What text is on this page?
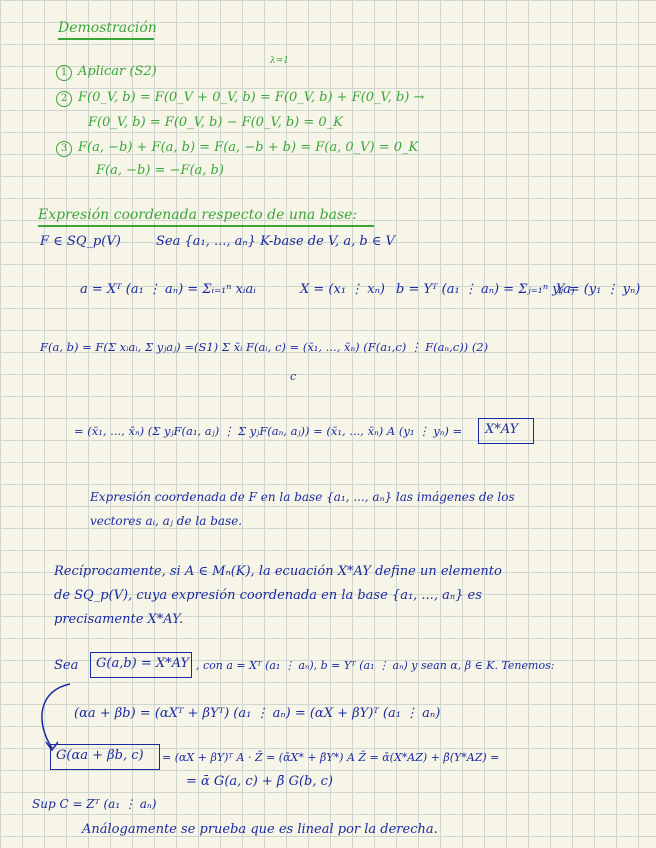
Demostración
1 Aplicar (S2)
λ=1
2 F(0_V, b) = F(0_V + 0_V, b) = F(0_V, b) + F(0_V, b) →
F(0_V, b) = F(0_V, b) − F(0_V, b) = 0_K
3 F(a, −b) + F(a, b) = F(a, −b + b) = F(a, 0_V) = 0_K
F(a, −b) = −F(a, b)
Expresión coordenada respecto de una base:
F ∈ SQ_p(V)	Sea {a₁, ..., aₙ} K-base de V, a, b ∈ V
a = Xᵀ (a₁ ⋮ aₙ) = Σᵢ₌₁ⁿ xᵢaᵢ	X = (x₁ ⋮ xₙ) b = Yᵀ (a₁ ⋮ aₙ) = Σⱼ₌₁ⁿ yⱼaⱼ
Y = (y₁ ⋮ yₙ)
F(a, b) = F(Σ xᵢaᵢ, Σ yⱼaⱼ) =(S1) Σ x̄ᵢ F(aᵢ, c) = (x̄₁, ..., x̄ₙ) (F(a₁,c) ⋮ F(aₙ,c)) (2)
c
= (x̄₁, ..., x̄ₙ) (Σ yⱼF(a₁, aⱼ) ⋮ Σ yⱼF(aₙ, aⱼ)) = (x̄₁, ..., x̄ₙ) A (y₁ ⋮ yₙ) = X*AY
Expresión coordenada de F en la base {a₁, ..., aₙ} las imágenes de los
vectores aᵢ, aⱼ de la base.
Recíprocamente, si A ∈ Mₙ(K), la ecuación X*AY define un elemento
de SQ_p(V), cuya expresión coordenada en la base {a₁, ..., aₙ} es
precisamente X*AY.
Sea G(a,b) = X*AY , con a = Xᵀ (a₁ ⋮ aₙ), b = Yᵀ (a₁ ⋮ aₙ) y sean α, β ∈ K. Tenemos:
(αa + βb) = (αXᵀ + βYᵀ) (a₁ ⋮ aₙ) = (αX + βY)ᵀ (a₁ ⋮ aₙ)
G(αa + βb, c) = (αX + βY)ᵀ A · Z̄ = (ᾱX* + β̄Y*) A Z̄ = ᾱ(X*AZ) + β̄(Y*AZ) =
= ᾱ G(a, c) + β̄ G(b, c)
Sup C = Zᵀ (a₁ ⋮ aₙ)
Análogamente se prueba que es lineal por la derecha.
